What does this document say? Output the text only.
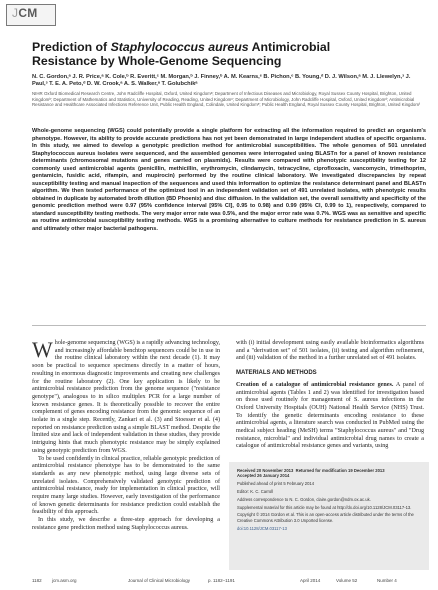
JCM
Prediction of Staphylococcus aureus Antimicrobial Resistance by Whole-Genome Sequencing
N. C. Gordon,ᵃ J. R. Price,ᵃ K. Cole,ᵇ R. Everitt,ᶜ M. Morgan,ᵇ J. Finney,ᵇ A. M. Kearns,ᵉ B. Pichon,ᵉ B. Young,ᵈ D. J. Wilson,ᵃ M. J. Llewelyn,ᶟ J. Paul,ᶟ T. E. A. Peto,ᵈ D. W. Crook,ᵃ A. S. Walker,ᵃ T. Golubchikᵃ
NIHR Oxford Biomedical Research Centre, John Radcliffe Hospital, Oxford, United Kingdomᵃ; Department of Infectious Diseases and Microbiology, Royal Sussex County Hospital, Brighton, United Kingdomᵇ; Department of Mathematics and Statistics, University of Reading, Reading, United Kingdomᶜ; Department of Microbiology, John Radcliffe Hospital, Oxford, United Kingdomᵈ; Antimicrobial Resistance and Healthcare Associated Infections Reference Unit, Public Health England, Colindale, United Kingdomᵉ; Public Health England, Royal Sussex County Hospital, Brighton, United Kingdomᶠ
Whole-genome sequencing (WGS) could potentially provide a single platform for extracting all the information required to predict an organism's phenotype. However, its ability to provide accurate predictions has not yet been demonstrated in large independent studies of specific organisms. In this study, we aimed to develop a genotypic prediction method for antimicrobial susceptibilities. The whole genomes of 501 unrelated Staphylococcus aureus isolates were sequenced, and the assembled genomes were interrogated using BLASTn for a panel of known resistance determinants (chromosomal mutations and genes carried on plasmids). Results were compared with phenotypic susceptibility testing for 12 commonly used antimicrobial agents (penicillin, methicillin, erythromycin, clindamycin, tetracycline, ciprofloxacin, vancomycin, trimethoprim, gentamicin, fusidic acid, rifampin, and mupirocin) performed by the routine clinical laboratory. We investigated discrepancies by repeat susceptibility testing and manual inspection of the sequences and used this information to optimize the resistance determinant panel and BLASTn algorithm. We then tested performance of the optimized tool in an independent validation set of 491 unrelated isolates, with phenotypic results obtained in duplicate by automated broth dilution (BD Phoenix) and disc diffusion. In the validation set, the overall sensitivity and specificity of the genomic prediction method were 0.97 (95% confidence interval [95% CI], 0.95 to 0.98) and 0.99 (95% CI, 0.99 to 1), respectively, compared to standard susceptibility testing methods. The very major error rate was 0.5%, and the major error rate was 0.7%. WGS was as sensitive and specific as routine antimicrobial susceptibility testing methods. WGS is a promising alternative to culture methods for resistance prediction in S. aureus and ultimately other major bacterial pathogens.

Whole-genome sequencing (WGS) is a rapidly advancing technology, and increasingly affordable benchtop sequencers could be in use in the routine clinical laboratory within the next decade (1). It may soon be practical to sequence specimens directly in a matter of hours, resulting in enormous diagnostic improvements and creating new challenges for the routine laboratory (2). One key application is likely to be antimicrobial resistance prediction from the genome sequence ("resistance genotype"), analogous to in silico multiplex PCR for a large number of known resistance genes. It is theoretically possible to recover the entire complement of genes encoding resistance from the genomic sequence of an isolate in a single step. Recently, Zankari et al. (3) and Stoesser et al. (4) reported on resistance prediction using a simple BLAST method. Despite the limited size and lack of independent validation in these studies, they provide intriguing hints that much phenotypic resistance may be simply explained using genotypic prediction from WGS.

To be used confidently in clinical practice, reliable genotypic prediction of antimicrobial resistance phenotype has to be demonstrated to the same standards as any new phenotypic method, using large diverse sets of unrelated isolates. Comprehensively validated genotypic prediction of antimicrobial resistance, ready for implementation in clinical practice, will require many large studies. However, early investigation of the performance of known genetic determinants for resistance prediction could establish the feasibility of this approach.

In this study, we describe a three-step approach for developing a resistance gene prediction method using Staphylococcus aureus.

with (i) initial development using easily available bioinformatics algorithms and a "derivation set" of 501 isolates, (ii) testing and algorithm refinement, and (iii) validation of the method in a further unrelated set of 491 isolates.

MATERIALS AND METHODS

Creation of a catalogue of antimicrobial resistance genes. A panel of antimicrobial agents (Tables 1 and 2) was identified for investigation based on those used routinely for management of S. aureus infections in the Oxford University Hospitals (OUH) National Health Service (NHS) Trust. To identify the genetic determinants encoding resistance to these antimicrobial agents, a literature search was conducted in PubMed using the medical subject heading (MeSH) terms "Staphylococcus aureus" and "Drug resistance, microbial" and individual antimicrobial drug names to create a catalogue of antimicrobial resistance genes and variants, using

Received 20 November 2013 Returned for modification 19 December 2013
Accepted 26 January 2014
Published ahead of print 5 February 2014
Editor: K. C. Carroll
Address correspondence to N. C. Gordon, claire.gordon@ndm.ox.ac.uk.
Supplemental material for this article may be found at http://dx.doi.org/10.1128/JCM.03117-13.
Copyright © 2014 Gordon et al. This is an open-access article distributed under the terms of the Creative Commons Attribution 3.0 Unported license.
doi:10.1128/JCM.03117-13
1182 jcm.asm.org	Journal of Clinical Microbiology	p. 1182–1191	April 2014	Volume 52	Number 4
